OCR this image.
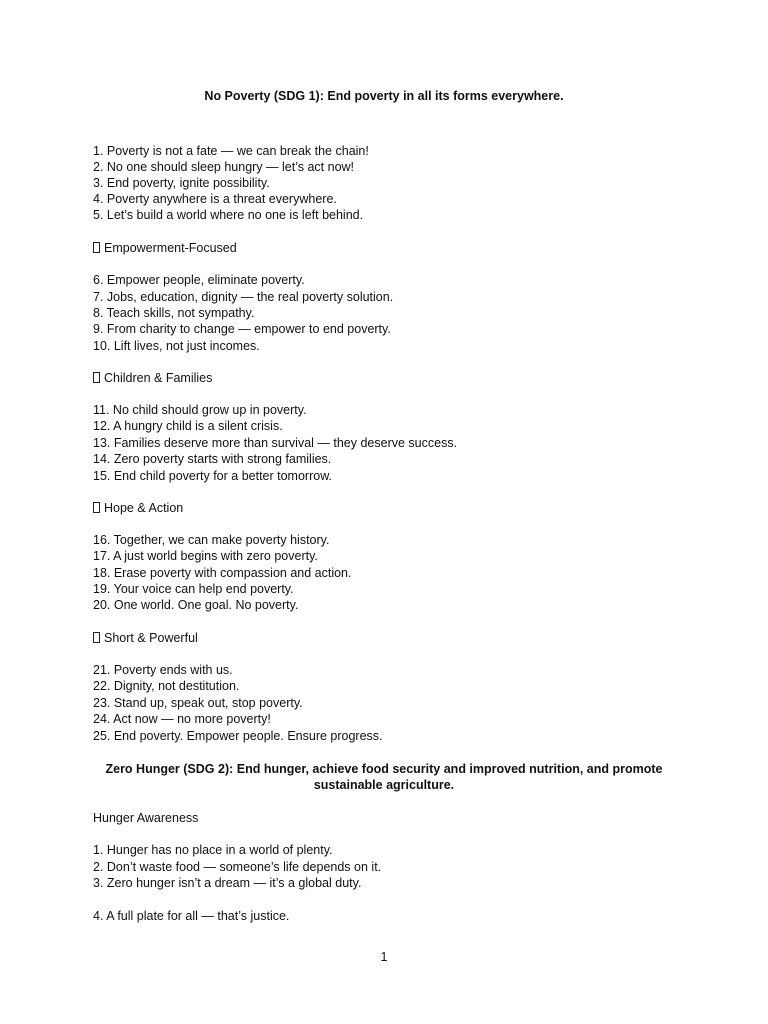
No Poverty (SDG 1): End poverty in all its forms everywhere.

1. Poverty is not a fate — we can break the chain!

2. No one should sleep hungry — let’s act now!

3. End poverty, ignite possibility.

4. Poverty anywhere is a threat everywhere.

5. Let’s build a world where no one is left behind.

Empowerment-Focused

6. Empower people, eliminate poverty.

7. Jobs, education, dignity — the real poverty solution.

8. Teach skills, not sympathy.

9. From charity to change — empower to end poverty.

10. Lift lives, not just incomes.

Children & Families

11. No child should grow up in poverty.

12. A hungry child is a silent crisis.

13. Families deserve more than survival — they deserve success.

14. Zero poverty starts with strong families.

15. End child poverty for a better tomorrow.

Hope & Action

16. Together, we can make poverty history.

17. A just world begins with zero poverty.

18. Erase poverty with compassion and action.

19. Your voice can help end poverty.

20. One world. One goal. No poverty.

Short & Powerful

21. Poverty ends with us.

22. Dignity, not destitution.

23. Stand up, speak out, stop poverty.

24. Act now — no more poverty!

25. End poverty. Empower people. Ensure progress.

Zero Hunger (SDG 2): End hunger, achieve food security and improved nutrition, and promote

sustainable agriculture.

Hunger Awareness

1. Hunger has no place in a world of plenty.

2. Don’t waste food — someone’s life depends on it.

3. Zero hunger isn’t a dream — it’s a global duty.

4. A full plate for all — that’s justice.

1
